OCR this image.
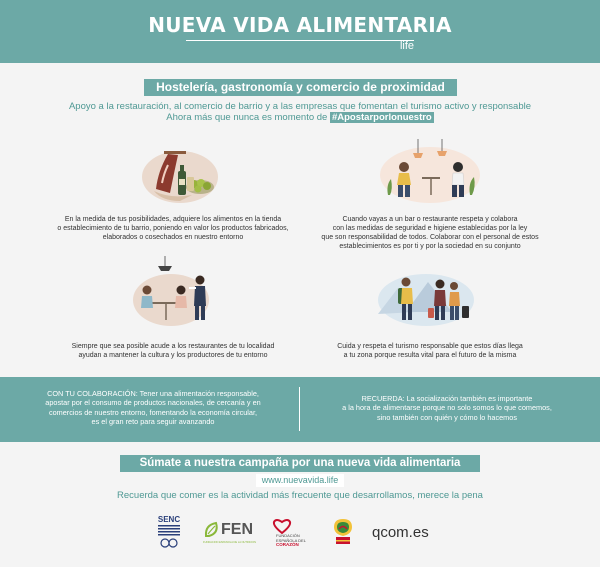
NUEVA VIDA ALIMENTARIA
life
Hostelería, gastronomía y comercio de proximidad
Apoyo a la restauración, al comercio de barrio y a las empresas que fomentan el turismo activo y responsable
Ahora más que nunca es momento de #Apostarporlonuestro
En la medida de tus posibilidades, adquiere los alimentos en la tienda
o establecimiento de tu barrio, poniendo en valor los productos fabricados,
elaborados o cosechados en nuestro entorno
Cuando vayas a un bar o restaurante respeta y colabora
con las medidas de seguridad e higiene establecidas por la ley
que son responsabilidad de todos. Colaborar con el personal de estos
establecimientos es por ti y por la sociedad en su conjunto
Siempre que sea posible acude a los restaurantes de tu localidad
ayudan a mantener la cultura y los productores de tu entorno
Cuida y respeta el turismo responsable que estos días llega
a tu zona porque resulta vital para el futuro de la misma
CON TU COLABORACIÓN: Tener una alimentación responsable,
apostar por el consumo de productos nacionales, de cercanía y en
comercios de nuestro entorno, fomentando la economía circular,
es el gran reto para seguir avanzando
RECUERDA: La socialización también es importante
a la hora de alimentarse porque no solo somos lo que comemos,
sino también con quién y cómo lo hacemos
Súmate a nuestra campaña por una nueva vida alimentaria
www.nuevavida.life
Recuerda que comer es la actividad más frecuente que desarrollamos, merece la pena
SENC
FEN
FUNDACIÓN ESPAÑOLA DE LA NUTRICIÓN
FUNDACIÓN
ESPAÑOLA DEL
CORAZÓN
qcom.es
